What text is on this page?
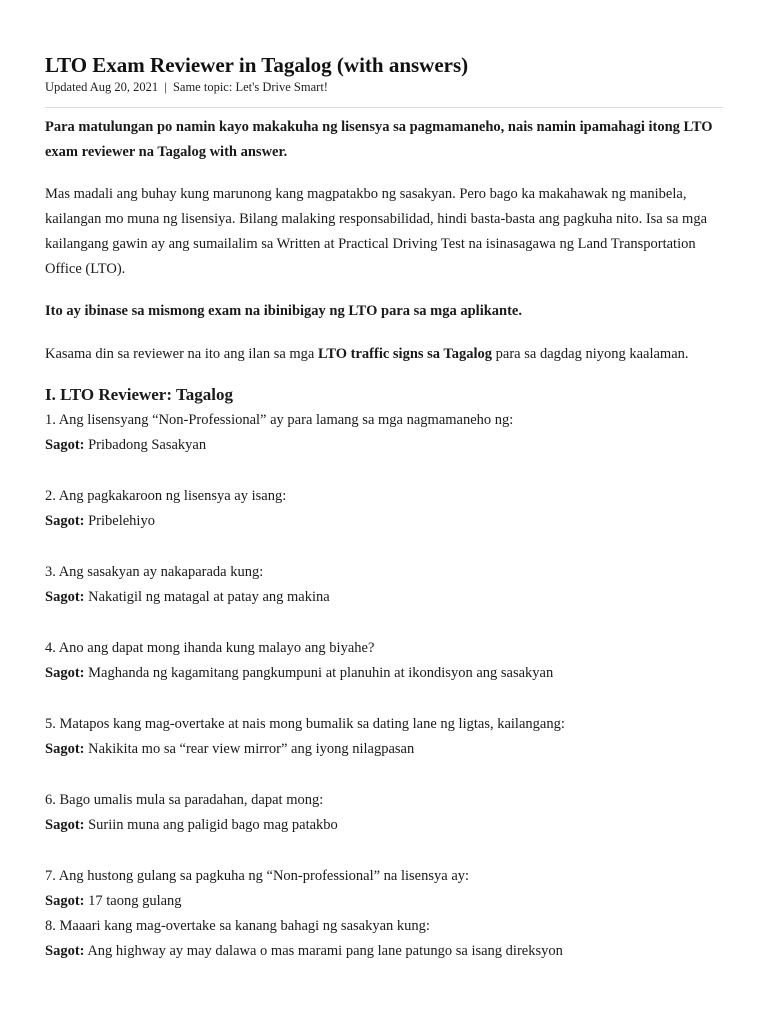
LTO Exam Reviewer in Tagalog (with answers)
Updated Aug 20, 2021 | Same topic: Let's Drive Smart!

Para matulungan po namin kayo makakuha ng lisensya sa pagmamaneho, nais namin ipamahagi itong LTO exam reviewer na Tagalog with answer.

Mas madali ang buhay kung marunong kang magpatakbo ng sasakyan. Pero bago ka makahawak ng manibela, kailangan mo muna ng lisensiya. Bilang malaking responsabilidad, hindi basta-basta ang pagkuha nito. Isa sa mga kailangang gawin ay ang sumailalim sa Written at Practical Driving Test na isinasagawa ng Land Transportation Office (LTO).

Ito ay ibinase sa mismong exam na ibinibigay ng LTO para sa mga aplikante.

Kasama din sa reviewer na ito ang ilan sa mga LTO traffic signs sa Tagalog para sa dagdag niyong kaalaman.

I. LTO Reviewer: Tagalog
1. Ang lisensyang “Non-Professional” ay para lamang sa mga nagmamaneho ng:
Sagot: Pribadong Sasakyan
2. Ang pagkakaroon ng lisensya ay isang:
Sagot: Pribelehiyo
3. Ang sasakyan ay nakaparada kung:
Sagot: Nakatigil ng matagal at patay ang makina
4. Ano ang dapat mong ihanda kung malayo ang biyahe?
Sagot: Maghanda ng kagamitang pangkumpuni at planuhin at ikondisyon ang sasakyan
5. Matapos kang mag-overtake at nais mong bumalik sa dating lane ng ligtas, kailangang:
Sagot: Nakikita mo sa “rear view mirror” ang iyong nilagpasan
6. Bago umalis mula sa paradahan, dapat mong:
Sagot: Suriin muna ang paligid bago mag patakbo
7. Ang hustong gulang sa pagkuha ng “Non-professional” na lisensya ay:
Sagot: 17 taong gulang
8. Maaari kang mag-overtake sa kanang bahagi ng sasakyan kung:
Sagot: Ang highway ay may dalawa o mas marami pang lane patungo sa isang direksyon
